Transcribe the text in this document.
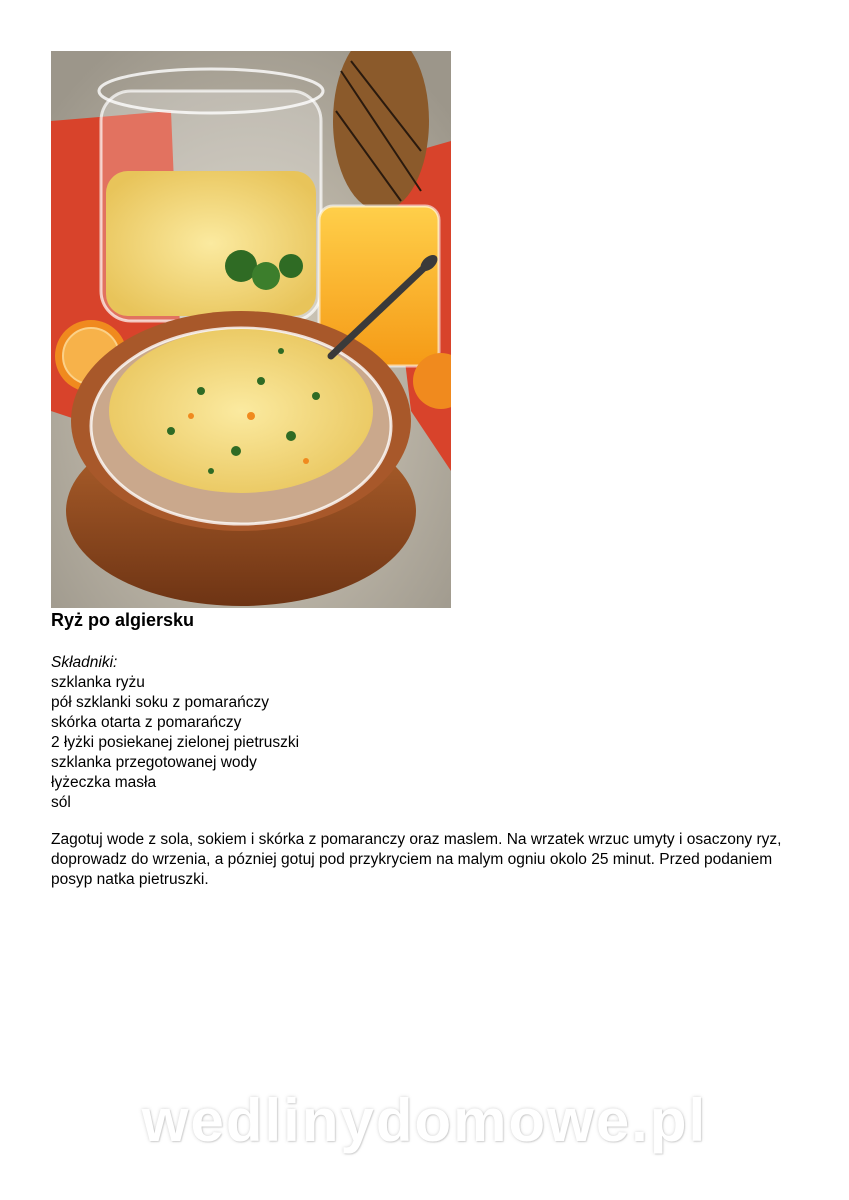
Ryż po algiersku
Składniki:
szklanka ryżu
pół szklanki soku z pomarańczy
skórka otarta z pomarańczy
2 łyżki posiekanej zielonej pietruszki
szklanka przegotowanej wody
łyżeczka masła
sól
Zagotuj wode z sola, sokiem i skórka z pomaranczy oraz maslem. Na wrzatek wrzuc umyty i osaczony ryz, doprowadz do wrzenia, a pózniej gotuj pod przykryciem na malym ogniu okolo 25 minut. Przed podaniem posyp natka pietruszki.
wedlinydomowe.pl
